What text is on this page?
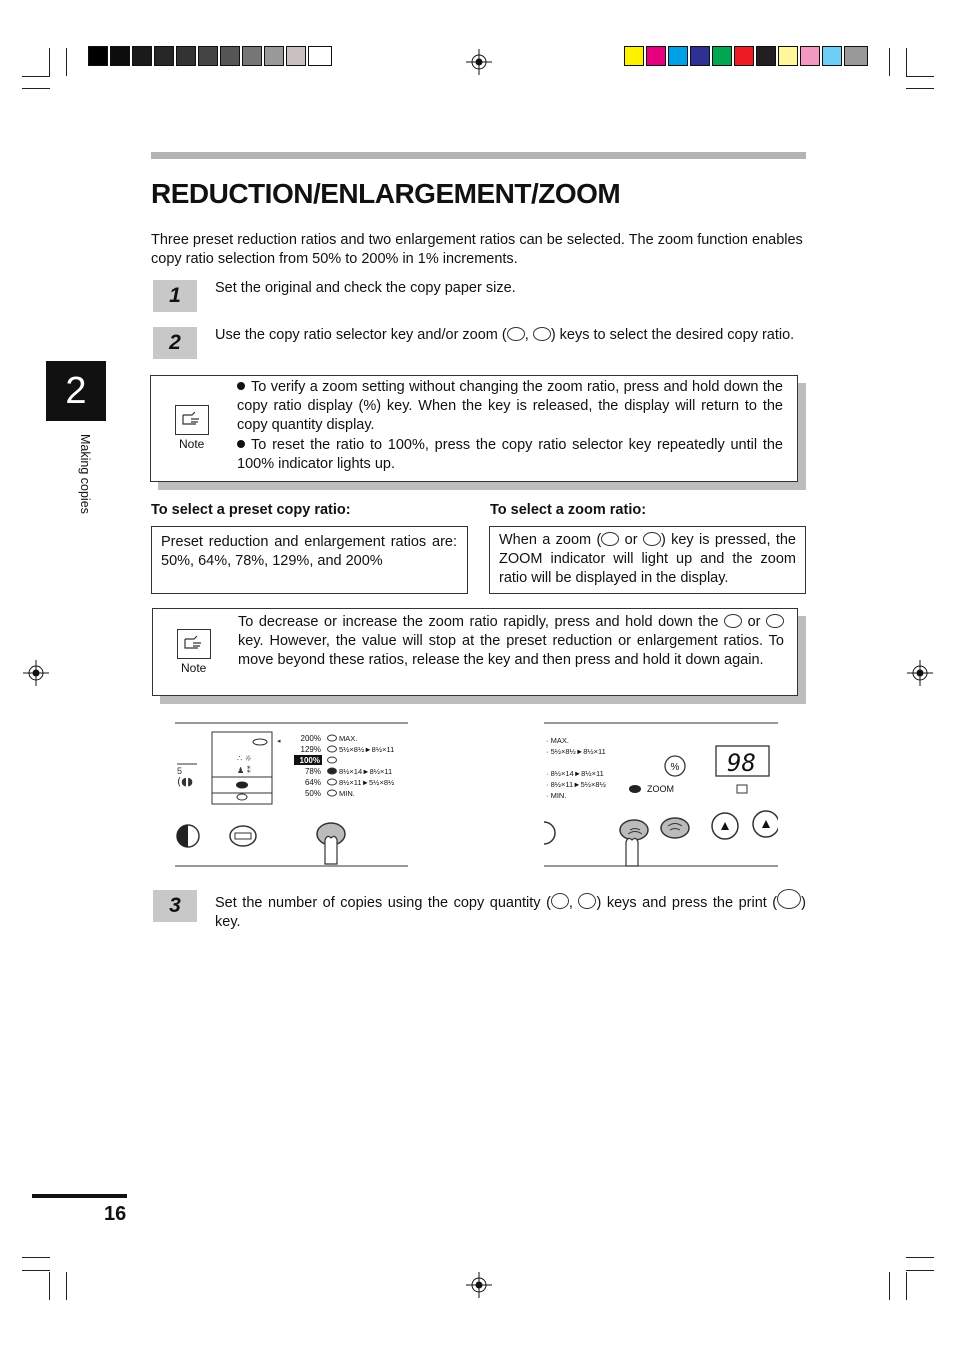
2
Making copies
REDUCTION/ENLARGEMENT/ZOOM
Three preset reduction ratios and two enlargement ratios can be selected. The zoom function enables copy ratio selection from 50% to 200% in 1% increments.
1	Set the original and check the copy paper size.
2	Use the copy ratio selector key and/or zoom ( , ) keys to select the desired copy ratio.
Note
To verify a zoom setting without changing the zoom ratio, press and hold down the copy ratio display (%) key. When the key is released, the display will return to the copy quantity display.
To reset the ratio to 100%, press the copy ratio selector key repeatedly until the 100% indicator lights up.
To select a preset copy ratio:
Preset reduction and enlargement ratios are: 50%, 64%, 78%, 129%, and 200%
To select a zoom ratio:
When a zoom ( or ) key is pressed, the ZOOM indicator will light up and the zoom ratio will be displayed in the display.
Note
To decrease or increase the zoom ratio rapidly, press and hold down the or  key. However, the value will stop at the preset reduction or enlargement ratios. To move beyond these ratios, release the key and then press and hold it down again.
∴ ☼
♟ ⁑
5
(◖◗
◂	200% MAX.
129% 5½×8½►8½×11
100%
78% 8½×14►8½×11
64% 8½×11►5½×8½
50% MIN.
· MAX.
· 5½×8½►8½×11
· 8½×14►8½×11
· 8½×11►5½×8½
· MIN.
%
ZOOM
98
3	Set the number of copies using the copy quantity ( , ) keys and press the print ( ) key.
16
